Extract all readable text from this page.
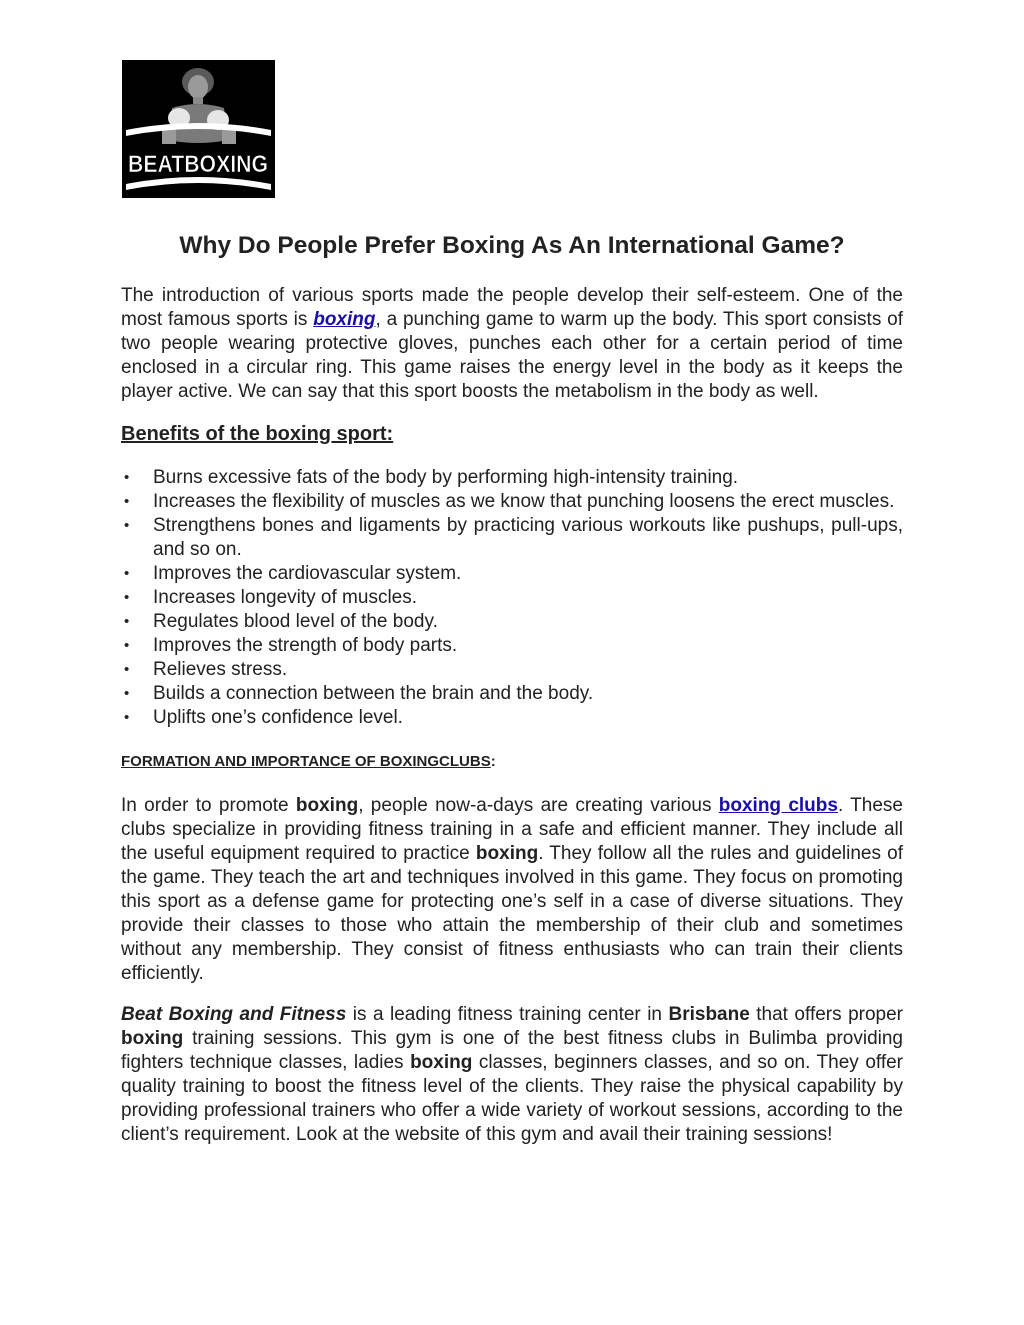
BEATBOXING
Why Do People Prefer Boxing As An International Game?

The introduction of various sports made the people develop their self-esteem. One of the most famous sports is boxing, a punching game to warm up the body. This sport consists of two people wearing protective gloves, punches each other for a certain period of time enclosed in a circular ring. This game raises the energy level in the body as it keeps the player active. We can say that this sport boosts the metabolism in the body as well.

Benefits of the boxing sport:
• Burns excessive fats of the body by performing high-intensity training.
• Increases the flexibility of muscles as we know that punching loosens the erect muscles.
• Strengthens bones and ligaments by practicing various workouts like pushups, pull-ups, and so on.
• Improves the cardiovascular system.
• Increases longevity of muscles.
• Regulates blood level of the body.
• Improves the strength of body parts.
• Relieves stress.
• Builds a connection between the brain and the body.
• Uplifts one’s confidence level.
FORMATION AND IMPORTANCE OF BOXINGCLUBS:

In order to promote boxing, people now-a-days are creating various boxing clubs. These clubs specialize in providing fitness training in a safe and efficient manner. They include all the useful equipment required to practice boxing. They follow all the rules and guidelines of the game. They teach the art and techniques involved in this game. They focus on promoting this sport as a defense game for protecting one’s self in a case of diverse situations. They provide their classes to those who attain the membership of their club and sometimes without any membership. They consist of fitness enthusiasts who can train their clients efficiently.

Beat Boxing and Fitness is a leading fitness training center in Brisbane that offers proper boxing training sessions. This gym is one of the best fitness clubs in Bulimba providing fighters technique classes, ladies boxing classes, beginners classes, and so on. They offer quality training to boost the fitness level of the clients. They raise the physical capability by providing professional trainers who offer a wide variety of workout sessions, according to the client’s requirement. Look at the website of this gym and avail their training sessions!
